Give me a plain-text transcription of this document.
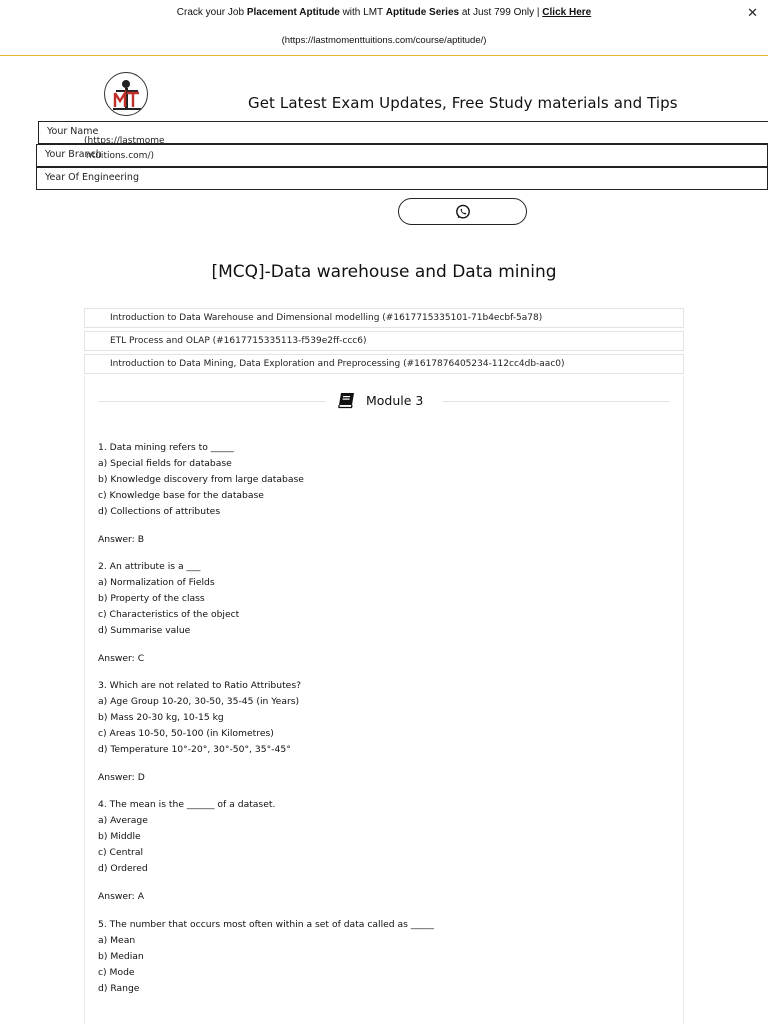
Crack your Job Placement Aptitude with LMT Aptitude Series at Just 799 Only | Click Here
(https://lastmomenttuitions.com/course/aptitude/)
✕
Get Latest Exam Updates, Free Study materials and Tips
Your Name
Your Branch
Year Of Engineering
(https://lastmome
ntuitions.com/)
[MCQ]-Data warehouse and Data mining
Introduction to Data Warehouse and Dimensional modelling (#1617715335101-71b4ecbf-5a78)
ETL Process and OLAP (#1617715335113-f539e2ff-ccc6)
Introduction to Data Mining, Data Exploration and Preprocessing (#1617876405234-112cc4db-aac0)
Module 3
1. Data mining refers to _____
a) Special fields for database
b) Knowledge discovery from large database
c) Knowledge base for the database
d) Collections of attributes
Answer: B
2. An attribute is a ___
a) Normalization of Fields
b) Property of the class
c) Characteristics of the object
d) Summarise value
Answer: C
3. Which are not related to Ratio Attributes?
a) Age Group 10-20, 30-50, 35-45 (in Years)
b) Mass 20-30 kg, 10-15 kg
c) Areas 10-50, 50-100 (in Kilometres)
d) Temperature 10°-20°, 30°-50°, 35°-45°
Answer: D
4. The mean is the ______ of a dataset.
a) Average
b) Middle
c) Central
d) Ordered
Answer: A
5. The number that occurs most often within a set of data called as _____
a) Mean
b) Median
c) Mode
d) Range
